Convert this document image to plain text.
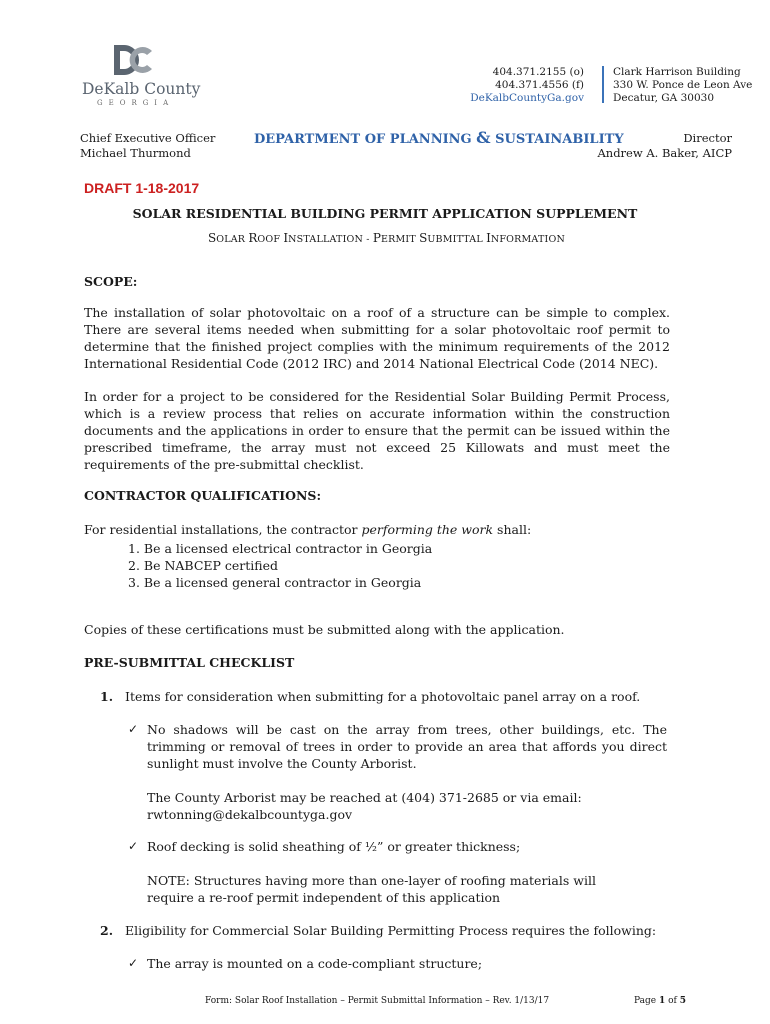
DeKalb County
GEORGIA
404.371.2155 (o)
404.371.4556 (f)
DeKalbCountyGa.gov
Clark Harrison Building
330 W. Ponce de Leon Ave
Decatur, GA 30030
Chief Executive Officer
Michael Thurmond
DEPARTMENT OF PLANNING & SUSTAINABILITY	Director
Andrew A. Baker, AICP
DRAFT 1-18-2017
SOLAR RESIDENTIAL BUILDING PERMIT APPLICATION SUPPLEMENT
SOLAR ROOF INSTALLATION - PERMIT SUBMITTAL INFORMATION
SCOPE:
The installation of solar photovoltaic on a roof of a structure can be simple to complex. There are several items needed when submitting for a solar photovoltaic roof permit to determine that the finished project complies with the minimum requirements of the 2012 International Residential Code (2012 IRC) and 2014 National Electrical Code (2014 NEC).
In order for a project to be considered for the Residential Solar Building Permit Process, which is a review process that relies on accurate information within the construction documents and the applications in order to ensure that the permit can be issued within the prescribed timeframe, the array must not exceed 25 Killowats and must meet the requirements of the pre-submittal checklist.
CONTRACTOR QUALIFICATIONS:
For residential installations, the contractor performing the work shall:
1. Be a licensed electrical contractor in Georgia
2. Be NABCEP certified
3. Be a licensed general contractor in Georgia
Copies of these certifications must be submitted along with the application.
PRE-SUBMITTAL CHECKLIST
1. Items for consideration when submitting for a photovoltaic panel array on a roof.
✓ No shadows will be cast on the array from trees, other buildings, etc. The trimming or removal of trees in order to provide an area that affords you direct sunlight must involve the County Arborist.
The County Arborist may be reached at (404) 371-2685 or via email:
rwtonning@dekalbcountyga.gov
✓ Roof decking is solid sheathing of ½” or greater thickness;
NOTE: Structures having more than one-layer of roofing materials will
require a re-roof permit independent of this application
2. Eligibility for Commercial Solar Building Permitting Process requires the following:
✓ The array is mounted on a code-compliant structure;
Form: Solar Roof Installation – Permit Submittal Information – Rev. 1/13/17	Page 1 of 5
